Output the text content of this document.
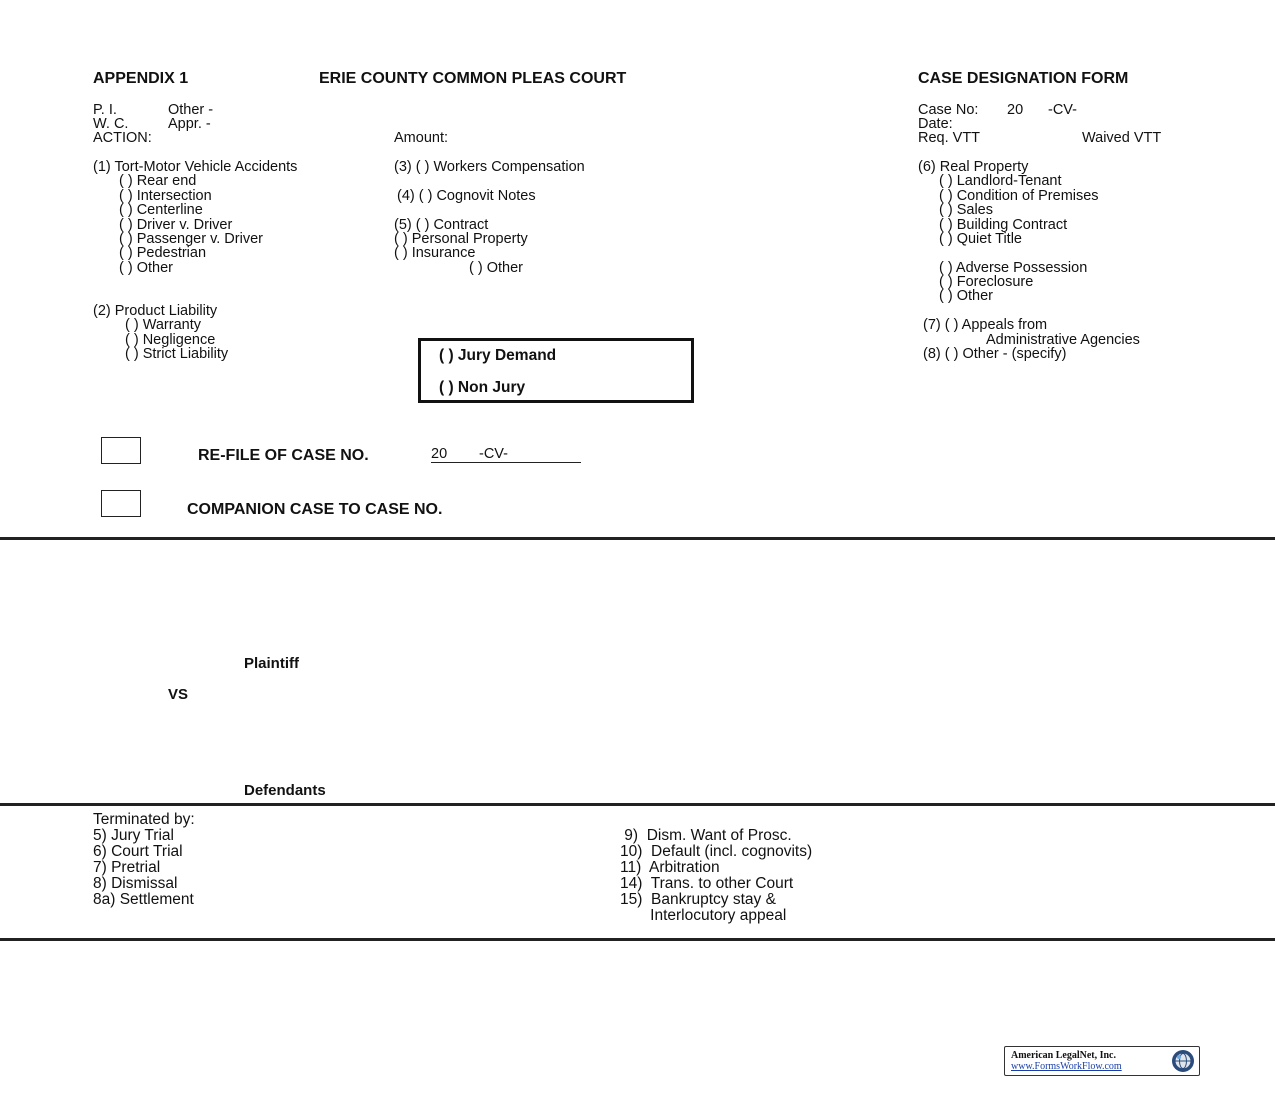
APPENDIX 1	ERIE COUNTY COMMON PLEAS COURT	CASE DESIGNATION FORM
P. I.	Other -
W. C.	Appr. -
ACTION:	Amount:
Case No: 20 -CV-
Date:
Req. VTT	Waived VTT
(1) Tort-Motor Vehicle Accidents
( ) Rear end
( ) Intersection
( ) Centerline
( ) Driver v. Driver
( ) Passenger v. Driver
( ) Pedestrian
( ) Other
(2) Product Liability
( ) Warranty
( ) Negligence
( ) Strict Liability
(3) ( ) Workers Compensation
(4) ( ) Cognovit Notes
(5) ( ) Contract
( ) Personal Property
( ) Insurance
( ) Other
(6) Real Property
( ) Landlord-Tenant
( ) Condition of Premises
( ) Sales
( ) Building Contract
( ) Quiet Title
( ) Adverse Possession
( ) Foreclosure
( ) Other
(7) ( ) Appeals from
Administrative Agencies
(8) ( ) Other - (specify)
( ) Jury Demand
( ) Non Jury
RE-FILE OF CASE NO.	20 -CV-
COMPANION CASE TO CASE NO.
Plaintiff
VS
Defendants
Terminated by:
5) Jury Trial
6) Court Trial
7) Pretrial
8) Dismissal
8a) Settlement
9)  Dism. Want of Prosc.
10)  Default (incl. cognovits)
11)  Arbitration
14)  Trans. to other Court
15)  Bankruptcy stay &
Interlocutory appeal
American LegalNet, Inc.
www.FormsWorkFlow.com
